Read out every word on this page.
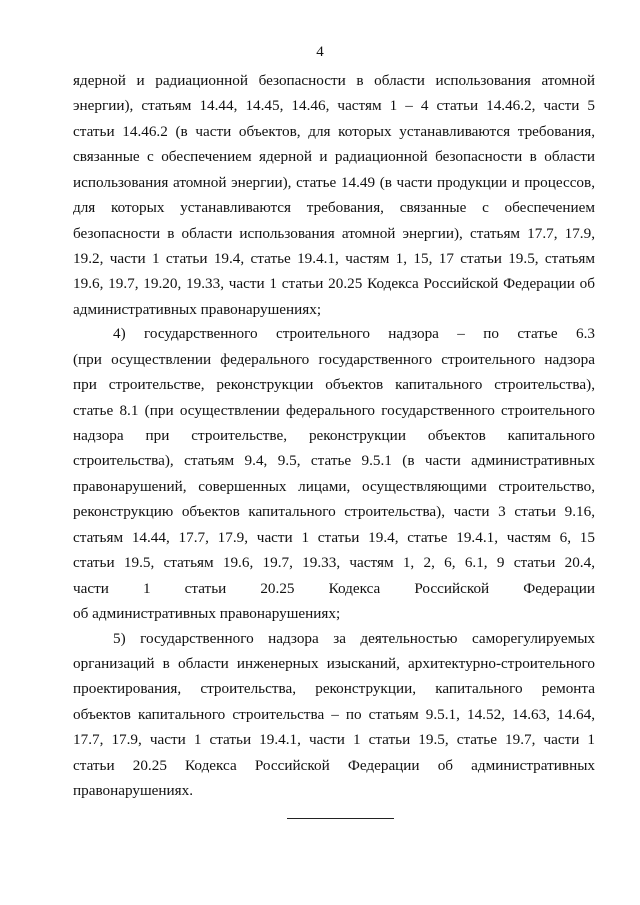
4
ядерной и радиационной безопасности в области использования атомной
энергии), статьям 14.44, 14.45, 14.46, частям 1 – 4 статьи 14.46.2, части 5
статьи 14.46.2 (в части объектов, для которых устанавливаются требования,
связанные с обеспечением ядерной и радиационной безопасности в области
использования атомной энергии), статье 14.49 (в части продукции и процессов,
для которых устанавливаются требования, связанные с обеспечением
безопасности в области использования атомной энергии), статьям 17.7, 17.9,
19.2, части 1 статьи 19.4, статье 19.4.1, частям 1, 15, 17 статьи 19.5, статьям
19.6, 19.7, 19.20, 19.33, части 1 статьи 20.25 Кодекса Российской Федерации об
административных правонарушениях;
4) государственного строительного надзора – по статье 6.3
(при осуществлении федерального государственного строительного надзора
при строительстве, реконструкции объектов капитального строительства),
статье 8.1 (при осуществлении федерального государственного строительного
надзора при строительстве, реконструкции объектов капитального
строительства), статьям 9.4, 9.5, статье 9.5.1 (в части административных
правонарушений, совершенных лицами, осуществляющими строительство,
реконструкцию объектов капитального строительства), части 3 статьи 9.16,
статьям 14.44, 17.7, 17.9, части 1 статьи 19.4, статье 19.4.1, частям 6, 15
статьи 19.5, статьям 19.6, 19.7, 19.33, частям 1, 2, 6, 6.1, 9 статьи 20.4,
части 1 статьи 20.25 Кодекса Российской Федерации
об административных правонарушениях;
5) государственного надзора за деятельностью саморегулируемых
организаций в области инженерных изысканий, архитектурно-строительного
проектирования, строительства, реконструкции, капитального ремонта
объектов капитального строительства – по статьям 9.5.1, 14.52, 14.63, 14.64,
17.7, 17.9, части 1 статьи 19.4.1, части 1 статьи 19.5, статье 19.7, части 1
статьи 20.25 Кодекса Российской Федерации об административных
правонарушениях.
